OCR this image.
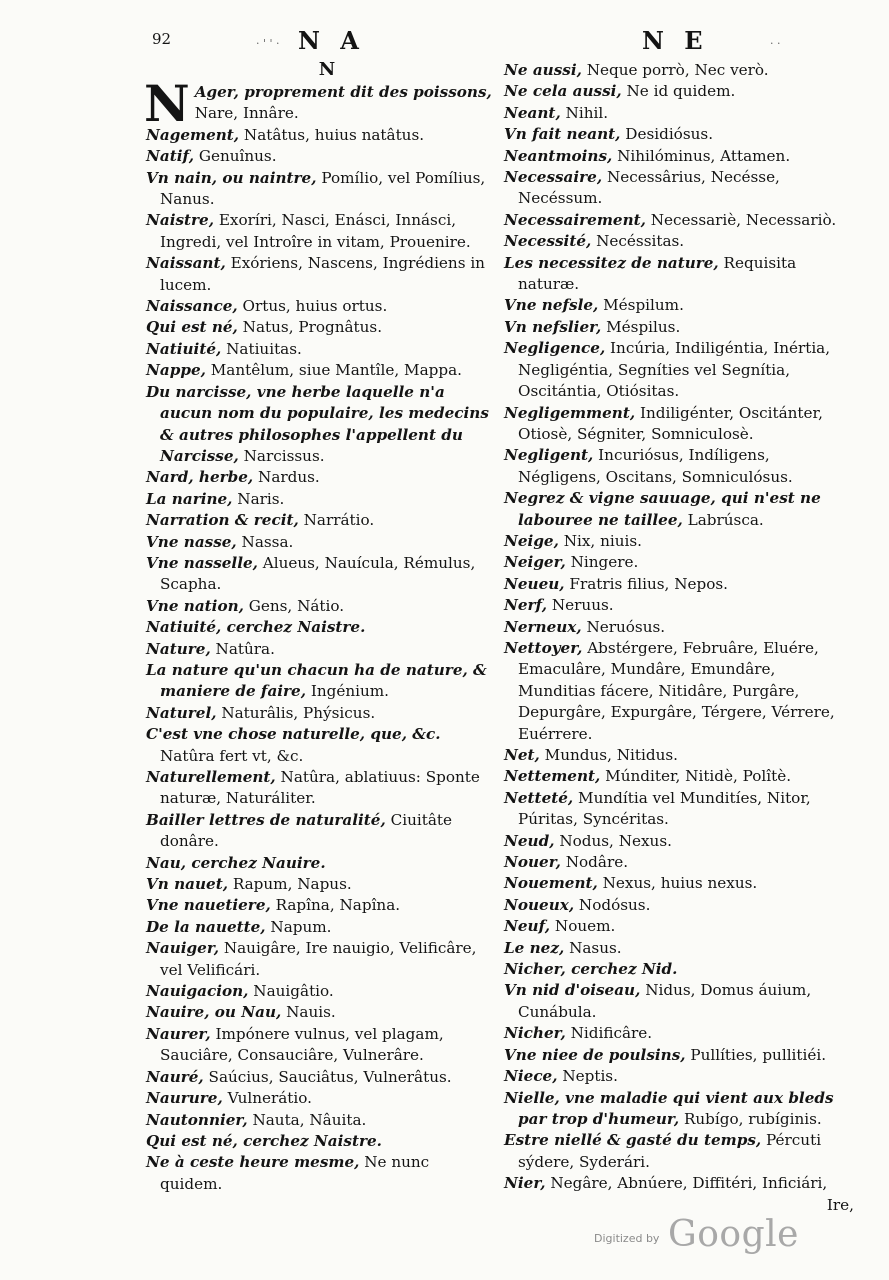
92	N A
· ' ' ·	N E	· ·
N

N Ager, proprement dit des poissons, Nare, Innâre.

Nagement, Natâtus, huius natâtus.

Natif, Genuînus.

Vn nain, ou naintre, Pomílio, vel Pomílius, Nanus.

Naistre, Exoríri, Nasci, Enásci, Innásci, Ingredi, vel Introîre in vitam, Prouenire.

Naissant, Exóriens, Nascens, Ingrédiens in lucem.

Naissance, Ortus, huius ortus.

Qui est né, Natus, Prognâtus.

Natiuité, Natiuitas.

Nappe, Mantêlum, siue Mantîle, Mappa.

Du narcisse, vne herbe laquelle n'a aucun nom du populaire, les medecins & autres philosophes l'appellent du Narcisse, Narcissus.

Nard, herbe, Nardus.

La narine, Naris.

Narration & recit, Narrátio.

Vne nasse, Nassa.

Vne nasselle, Alueus, Nauícula, Rémulus, Scapha.

Vne nation, Gens, Nátio.

Natiuité, cerchez Naistre.

Nature, Natûra.

La nature qu'un chacun ha de nature, & maniere de faire, Ingénium.

Naturel, Naturâlis, Phýsicus.

C'est vne chose naturelle, que, &c. Natûra fert vt, &c.

Naturellement, Natûra, ablatiuus: Sponte naturæ, Naturáliter.

Bailler lettres de naturalité, Ciuitâte donâre.

Nau, cerchez Nauire.

Vn nauet, Rapum, Napus.

Vne nauetiere, Rapîna, Napîna.

De la nauette, Napum.

Nauiger, Nauigâre, Ire nauigio, Velificâre, vel Velificári.

Nauigacion, Nauigâtio.

Nauire, ou Nau, Nauis.

Naurer, Impónere vulnus, vel plagam, Sauciâre, Consauciâre, Vulnerâre.

Nauré, Saúcius, Sauciâtus, Vulnerâtus.

Naurure, Vulnerátio.

Nautonnier, Nauta, Nâuita.

Qui est né, cerchez Naistre.

Ne à ceste heure mesme, Ne nunc quidem.

Ne aussi, Neque porrò, Nec verò.

Ne cela aussi, Ne id quidem.

Neant, Nihil.

Vn fait neant, Desidiósus.

Neantmoins, Nihilóminus, Attamen.

Necessaire, Necessârius, Necésse, Necéssum.

Necessairement, Necessariè, Necessariò.

Necessité, Necéssitas.

Les necessitez de nature, Requisita naturæ.

Vne nefsle, Méspilum.

Vn nefslier, Méspilus.

Negligence, Incúria, Indiligéntia, Inértia, Negligéntia, Segníties vel Segnítia, Oscitántia, Otiósitas.

Negligemment, Indiligénter, Oscitánter, Otiosè, Ségniter, Somniculosè.

Negligent, Incuriósus, Indíligens, Négligens, Oscitans, Somniculósus.

Negrez & vigne sauuage, qui n'est ne labouree ne taillee, Labrúsca.

Neige, Nix, niuis.

Neiger, Ningere.

Neueu, Fratris filius, Nepos.

Nerf, Neruus.

Nerneux, Neruósus.

Nettoyer, Abstérgere, Februâre, Eluére, Emaculâre, Mundâre, Emundâre, Munditias fácere, Nitidâre, Purgâre, Depurgâre, Expurgâre, Térgere, Vérrere, Euérrere.

Net, Mundus, Nitidus.

Nettement, Múnditer, Nitidè, Polîtè.

Netteté, Mundítia vel Munditíes, Nitor, Púritas, Syncéritas.

Neud, Nodus, Nexus.

Nouer, Nodâre.

Nouement, Nexus, huius nexus.

Noueux, Nodósus.

Neuf, Nouem.

Le nez, Nasus.

Nicher, cerchez Nid.

Vn nid d'oiseau, Nidus, Domus áuium, Cunábula.

Nicher, Nidificâre.

Vne niee de poulsins, Pullíties, pullitiéi.

Niece, Neptis.

Nielle, vne maladie qui vient aux bleds par trop d'humeur, Rubígo, rubíginis.

Estre niellé & gasté du temps, Pércuti sýdere, Syderári.

Nier, Negâre, Abnúere, Diffitéri, Inficiári,

Ire,
Digitized by Google
